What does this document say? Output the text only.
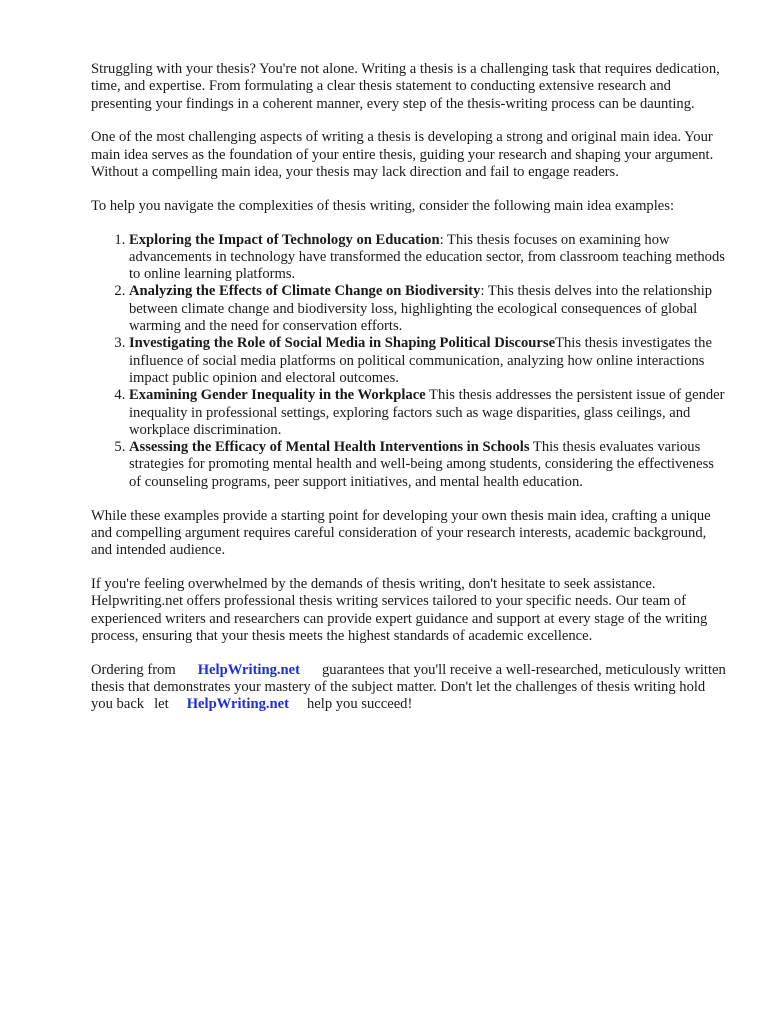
Struggling with your thesis? You're not alone. Writing a thesis is a challenging task that requires dedication, time, and expertise. From formulating a clear thesis statement to conducting extensive research and presenting your findings in a coherent manner, every step of the thesis-writing process can be daunting.

One of the most challenging aspects of writing a thesis is developing a strong and original main idea. Your main idea serves as the foundation of your entire thesis, guiding your research and shaping your argument. Without a compelling main idea, your thesis may lack direction and fail to engage readers.

To help you navigate the complexities of thesis writing, consider the following main idea examples:

1. Exploring the Impact of Technology on Education: This thesis focuses on examining how advancements in technology have transformed the education sector, from classroom teaching methods to online learning platforms.
2. Analyzing the Effects of Climate Change on Biodiversity: This thesis delves into the relationship between climate change and biodiversity loss, highlighting the ecological consequences of global warming and the need for conservation efforts.
3. Investigating the Role of Social Media in Shaping Political DiscourseThis thesis investigates the influence of social media platforms on political communication, analyzing how online interactions impact public opinion and electoral outcomes.
4. Examining Gender Inequality in the Workplace This thesis addresses the persistent issue of gender inequality in professional settings, exploring factors such as wage disparities, glass ceilings, and workplace discrimination.
5. Assessing the Efficacy of Mental Health Interventions in Schools This thesis evaluates various strategies for promoting mental health and well-being among students, considering the effectiveness of counseling programs, peer support initiatives, and mental health education.

While these examples provide a starting point for developing your own thesis main idea, crafting a unique and compelling argument requires careful consideration of your research interests, academic background, and intended audience.

If you're feeling overwhelmed by the demands of thesis writing, don't hesitate to seek assistance. Helpwriting.net offers professional thesis writing services tailored to your specific needs. Our team of experienced writers and researchers can provide expert guidance and support at every stage of the writing process, ensuring that your thesis meets the highest standards of academic excellence.

Ordering from HelpWriting.net guarantees that you'll receive a well-researched, meticulously written thesis that demonstrates your mastery of the subject matter. Don't let the challenges of thesis writing hold you back let HelpWriting.net help you succeed!
